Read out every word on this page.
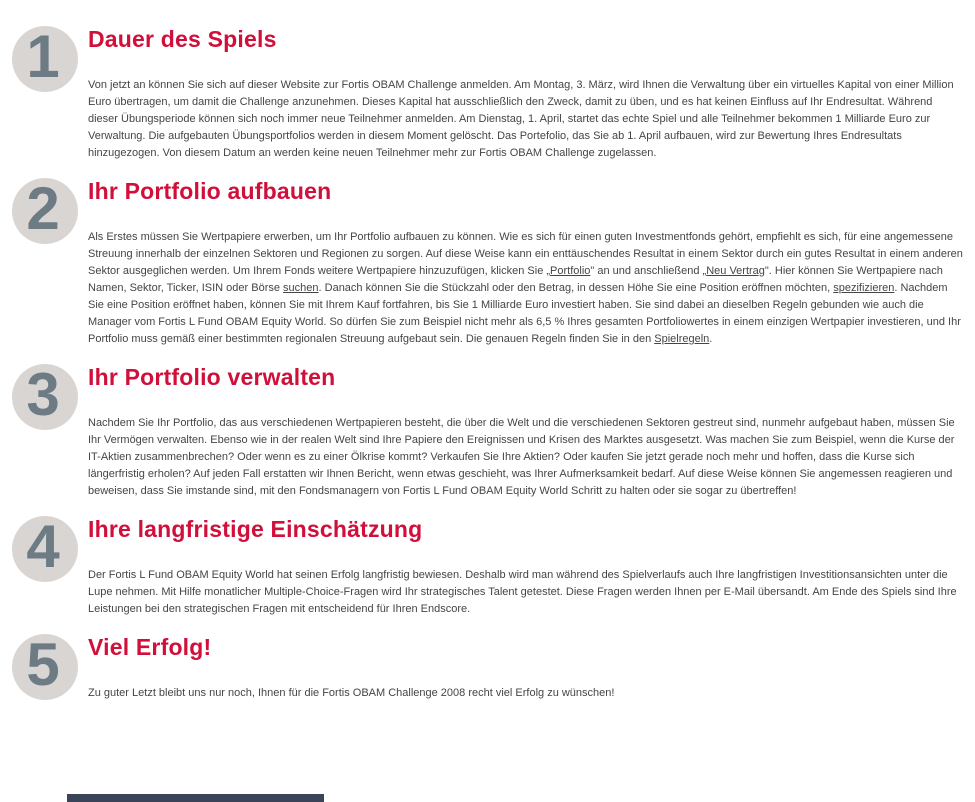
1 Dauer des Spiels

Von jetzt an können Sie sich auf dieser Website zur Fortis OBAM Challenge anmelden. Am Montag, 3. März, wird Ihnen die Verwaltung über ein virtuelles Kapital von einer Million Euro übertragen, um damit die Challenge anzunehmen. Dieses Kapital hat ausschließlich den Zweck, damit zu üben, und es hat keinen Einfluss auf Ihr Endresultat. Während dieser Übungsperiode können sich noch immer neue Teilnehmer anmelden. Am Dienstag, 1. April, startet das echte Spiel und alle Teilnehmer bekommen 1 Milliarde Euro zur Verwaltung. Die aufgebauten Übungsportfolios werden in diesem Moment gelöscht. Das Portefolio, das Sie ab 1. April aufbauen, wird zur Bewertung Ihres Endresultats hinzugezogen. Von diesem Datum an werden keine neuen Teilnehmer mehr zur Fortis OBAM Challenge zugelassen.

2 Ihr Portfolio aufbauen

Als Erstes müssen Sie Wertpapiere erwerben, um Ihr Portfolio aufbauen zu können. Wie es sich für einen guten Investmentfonds gehört, empfiehlt es sich, für eine angemessene Streuung innerhalb der einzelnen Sektoren und Regionen zu sorgen. Auf diese Weise kann ein enttäuschendes Resultat in einem Sektor durch ein gutes Resultat in einem anderen Sektor ausgeglichen werden. Um Ihrem Fonds weitere Wertpapiere hinzuzufügen, klicken Sie „Portfolio" an und anschließend „Neu Vertrag". Hier können Sie Wertpapiere nach Namen, Sektor, Ticker, ISIN oder Börse suchen. Danach können Sie die Stückzahl oder den Betrag, in dessen Höhe Sie eine Position eröffnen möchten, spezifizieren. Nachdem Sie eine Position eröffnet haben, können Sie mit Ihrem Kauf fortfahren, bis Sie 1 Milliarde Euro investiert haben. Sie sind dabei an dieselben Regeln gebunden wie auch die Manager vom Fortis L Fund OBAM Equity World. So dürfen Sie zum Beispiel nicht mehr als 6,5 % Ihres gesamten Portfoliowertes in einem einzigen Wertpapier investieren, und Ihr Portfolio muss gemäß einer bestimmten regionalen Streuung aufgebaut sein. Die genauen Regeln finden Sie in den Spielregeln.

3 Ihr Portfolio verwalten

Nachdem Sie Ihr Portfolio, das aus verschiedenen Wertpapieren besteht, die über die Welt und die verschiedenen Sektoren gestreut sind, nunmehr aufgebaut haben, müssen Sie Ihr Vermögen verwalten. Ebenso wie in der realen Welt sind Ihre Papiere den Ereignissen und Krisen des Marktes ausgesetzt. Was machen Sie zum Beispiel, wenn die Kurse der IT-Aktien zusammenbrechen? Oder wenn es zu einer Ölkrise kommt? Verkaufen Sie Ihre Aktien? Oder kaufen Sie jetzt gerade noch mehr und hoffen, dass die Kurse sich längerfristig erholen? Auf jeden Fall erstatten wir Ihnen Bericht, wenn etwas geschieht, was Ihrer Aufmerksamkeit bedarf. Auf diese Weise können Sie angemessen reagieren und beweisen, dass Sie imstande sind, mit den Fondsmanagern von Fortis L Fund OBAM Equity World Schritt zu halten oder sie sogar zu übertreffen!

4 Ihre langfristige Einschätzung

Der Fortis L Fund OBAM Equity World hat seinen Erfolg langfristig bewiesen. Deshalb wird man während des Spielverlaufs auch Ihre langfristigen Investitionsansichten unter die Lupe nehmen. Mit Hilfe monatlicher Multiple-Choice-Fragen wird Ihr strategisches Talent getestet. Diese Fragen werden Ihnen per E-Mail übersandt. Am Ende des Spiels sind Ihre Leistungen bei den strategischen Fragen mit entscheidend für Ihren Endscore.

5 Viel Erfolg!

Zu guter Letzt bleibt uns nur noch, Ihnen für die Fortis OBAM Challenge 2008 recht viel Erfolg zu wünschen!
